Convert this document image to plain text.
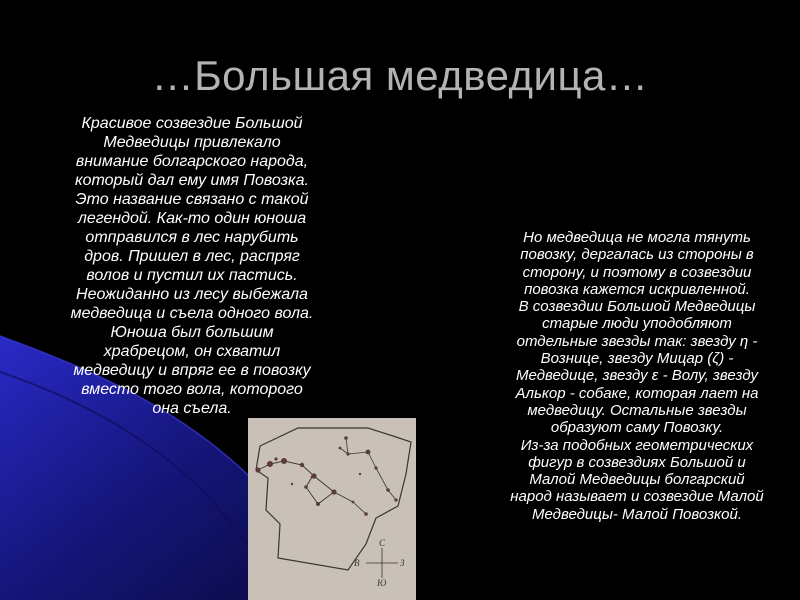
…Большая медведица…
Красивое созвездие Большой
Медведицы привлекало
внимание болгарского народа,
который дал ему имя Повозка.
Это название связано с такой
легендой. Как-то один юноша
отправился в лес нарубить
дров. Пришел в лес, распряг
волов и пустил их пастись.
Неожиданно из лесу выбежала
медведица и съела одного вола.
Юноша был большим
храбрецом, он схватил
медведицу и впряг ее в повозку
вместо того вола, которого
она съела.
Но медведица не могла тянуть
повозку, дергалась из стороны в
сторону, и поэтому в созвездии
повозка кажется искривленной.
В созвездии Большой Медведицы
старые люди уподобляют
отдельные звезды так: звезду η -
Вознице, звезду Мицар (ζ) -
Медведице, звезду ε - Волу, звезду
Алькор - собаке, которая лает на
медведицу. Остальные звезды
образуют саму Повозку.
Из-за подобных геометрических
фигур в созвездиях Большой и
Малой Медведицы болгарский
народ называет и созвездие Малой
Медведицы- Малой Повозкой.
С
Ю
В	З
